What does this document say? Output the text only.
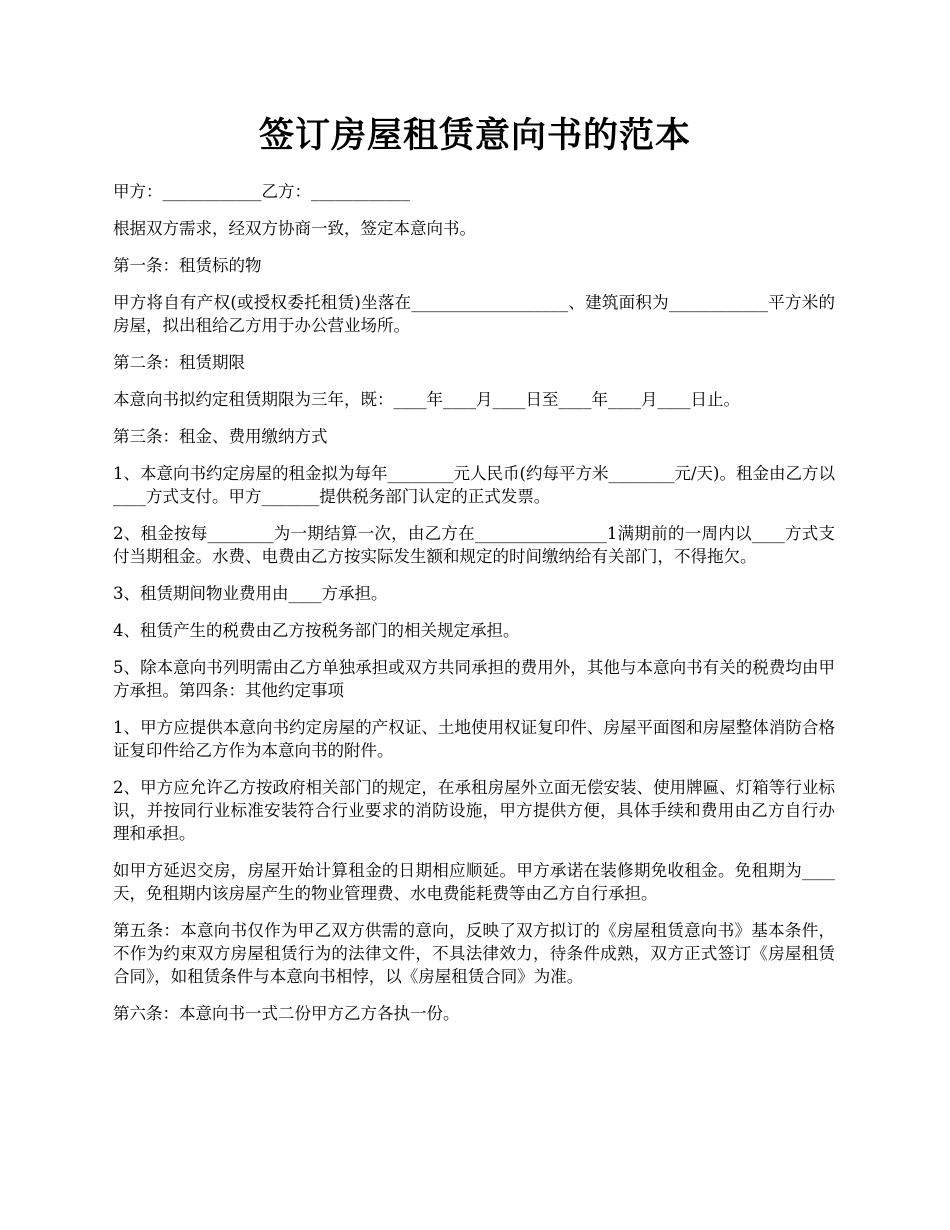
签订房屋租赁意向书的范本

甲方：____________乙方：____________

根据双方需求，经双方协商一致，签定本意向书。

第一条：租赁标的物

甲方将自有产权(或授权委托租赁)坐落在___________________、建筑面积为____________平方米的房屋，拟出租给乙方用于办公营业场所。

第二条：租赁期限

本意向书拟约定租赁期限为三年，既：____年____月____日至____年____月____日止。

第三条：租金、费用缴纳方式

1、本意向书约定房屋的租金拟为每年________元人民币(约每平方米________元/天)。租金由乙方以____方式支付。甲方_______提供税务部门认定的正式发票。

2、租金按每________为一期结算一次，由乙方在________________1满期前的一周内以____方式支付当期租金。水费、电费由乙方按实际发生额和规定的时间缴纳给有关部门，不得拖欠。

3、租赁期间物业费用由____方承担。

4、租赁产生的税费由乙方按税务部门的相关规定承担。

5、除本意向书列明需由乙方单独承担或双方共同承担的费用外，其他与本意向书有关的税费均由甲方承担。第四条：其他约定事项

1、甲方应提供本意向书约定房屋的产权证、土地使用权证复印件、房屋平面图和房屋整体消防合格证复印件给乙方作为本意向书的附件。

2、甲方应允许乙方按政府相关部门的规定，在承租房屋外立面无偿安装、使用牌匾、灯箱等行业标识，并按同行业标准安装符合行业要求的消防设施，甲方提供方便，具体手续和费用由乙方自行办理和承担。

如甲方延迟交房，房屋开始计算租金的日期相应顺延。甲方承诺在装修期免收租金。免租期为____天，免租期内该房屋产生的物业管理费、水电费能耗费等由乙方自行承担。

第五条：本意向书仅作为甲乙双方供需的意向，反映了双方拟订的《房屋租赁意向书》基本条件，不作为约束双方房屋租赁行为的法律文件，不具法律效力，待条件成熟，双方正式签订《房屋租赁合同》，如租赁条件与本意向书相悖，以《房屋租赁合同》为准。

第六条：本意向书一式二份甲方乙方各执一份。
